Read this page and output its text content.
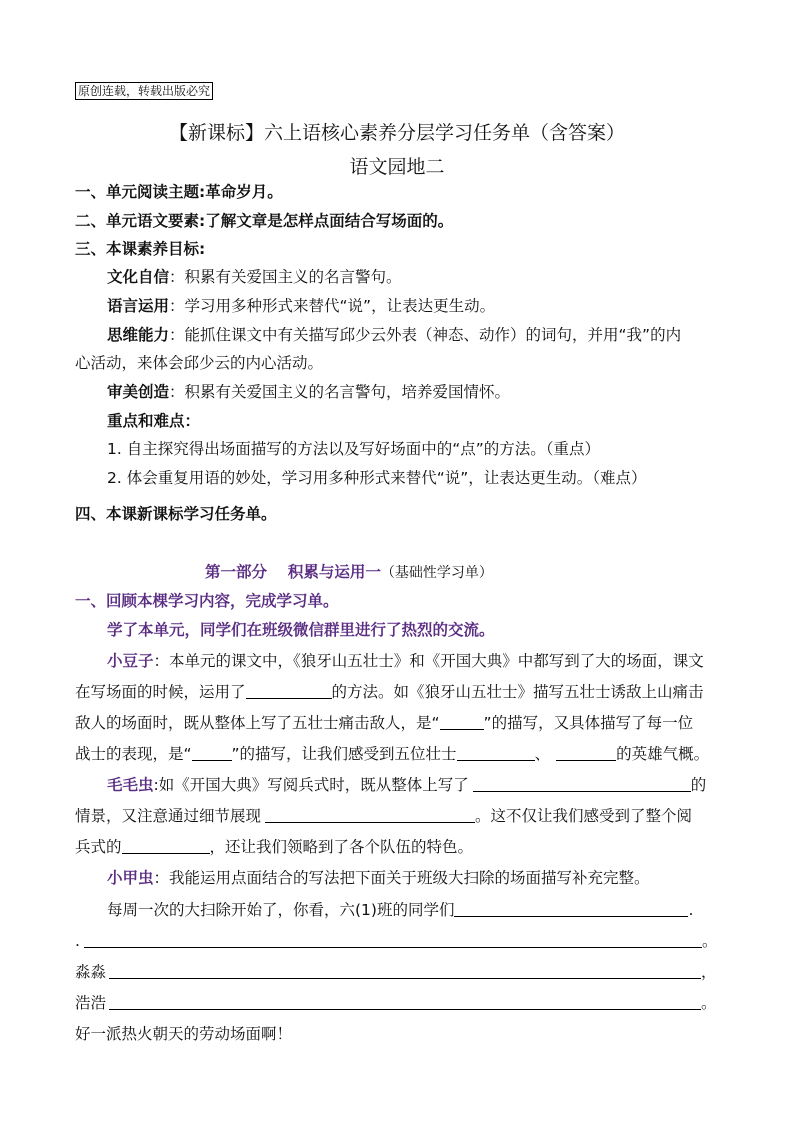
原创连载，转载出版必究
【新课标】六上语核心素养分层学习任务单（含答案）
语文园地二
一、单元阅读主题:革命岁月。
二、单元语文要素:了解文章是怎样点面结合写场面的。
三、本课素养目标:
文化自信：积累有关爱国主义的名言警句。
语言运用：学习用多种形式来替代“说”，让表达更生动。
思维能力：能抓住课文中有关描写邱少云外表（神态、动作）的词句，并用“我”的内
心活动，来体会邱少云的内心活动。
审美创造：积累有关爱国主义的名言警句，培养爱国情怀。
重点和难点：
1. 自主探究得出场面描写的方法以及写好场面中的“点”的方法。（重点）
2. 体会重复用语的妙处，学习用多种形式来替代“说”，让表达更生动。（难点）
四、本课新课标学习任务单。
第一部分　 积累与运用一（基础性学习单）
一、回顾本棵学习内容，完成学习单。
学了本单元，同学们在班级微信群里进行了热烈的交流。
小豆子：本单元的课文中，《狼牙山五壮士》和《开国大典》中都写到了大的场面，课文
在写场面的时候，运用了	的方法。如《狼牙山五壮士》描写五壮士诱敌上山痛击
敌人的场面时，既从整体上写了五壮士痛击敌人，是“	”的描写，又具体描写了每一位
战士的表现，是“	”的描写，让我们感受到五位壮士	、	的英雄气概。
毛毛虫:如《开国大典》写阅兵式时，既从整体上写了	的
情景，又注意通过细节展现	。这不仅让我们感受到了整个阅
兵式的	，还让我们领略到了各个队伍的特色。
小甲虫：我能运用点面结合的写法把下面关于班级大扫除的场面描写补充完整。
每周一次的大扫除开始了，你看，六(1)班的同学们	.
.	。
淼淼	，
浩浩	。
好一派热火朝天的劳动场面啊！
